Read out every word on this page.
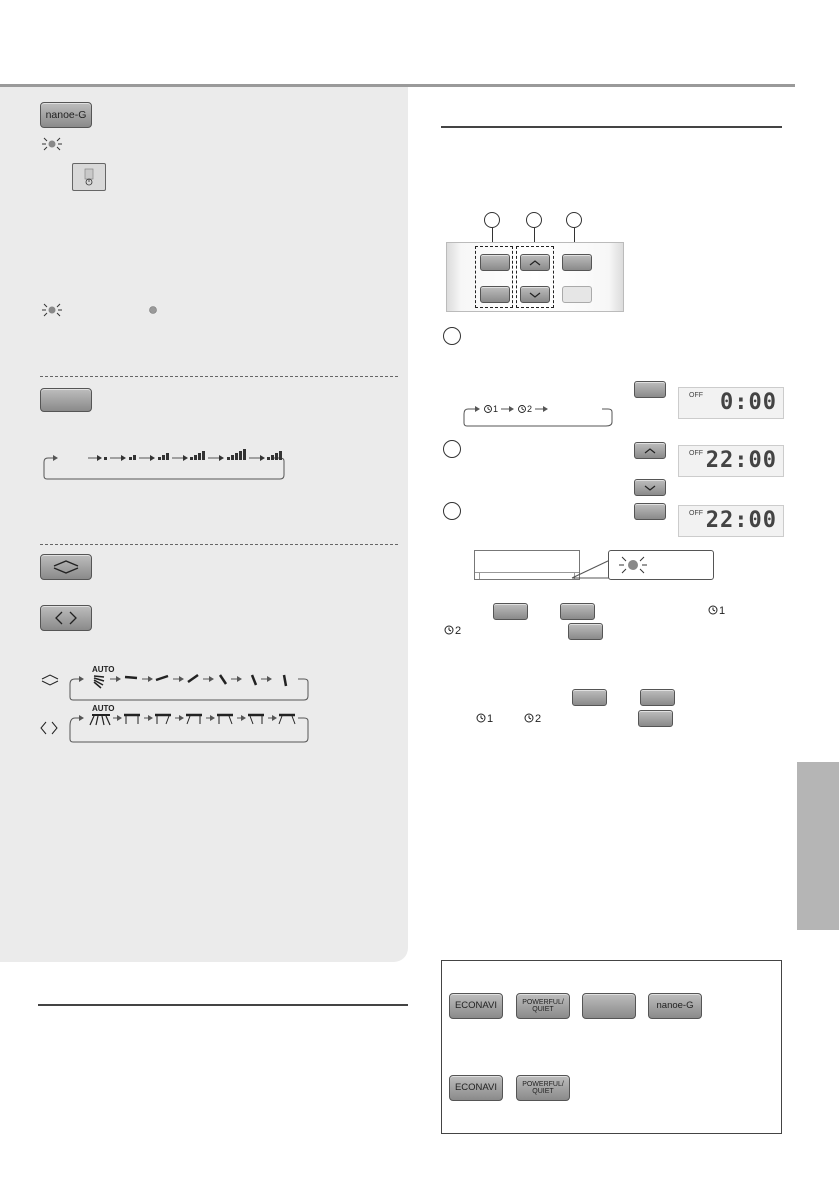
nanoe-G
AUTO
AUTO
1	2
OFF 0:00
OFF 22:00
OFF 22:00
1
2
1	2
ECONAVI	POWERFUL/
QUIET	nanoe-G
ECONAVI	POWERFUL/
QUIET
